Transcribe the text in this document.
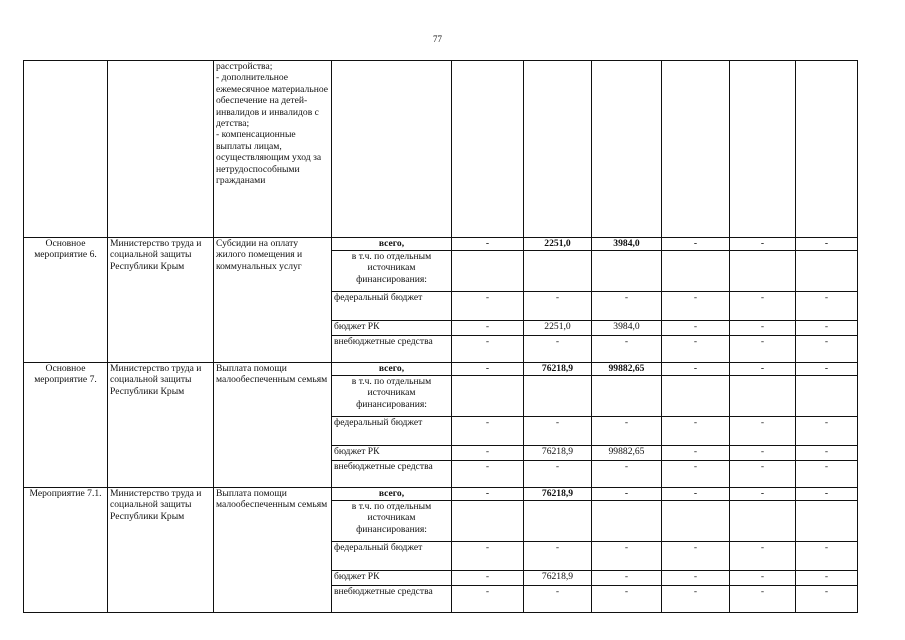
77
		расстройства;
- дополнительное ежемесячное материальное обеспечение на детей-инвалидов и инвалидов с детства;
- компенсационные выплаты лицам, осуществляющим уход за нетрудоспособными гражданами							
Основное мероприятие 6.	Министерство труда и социальной защиты Республики Крым	Субсидии на оплату жилого помещения и коммунальных услуг	всего,	-	2251,0	3984,0	-	-	-
			в т.ч. по отдельным источникам финансирования:						
			федеральный бюджет	-	-	-	-	-	-
			бюджет РК	-	2251,0	3984,0	-	-	-
			внебюджетные средства	-	-	-	-	-	-
Основное мероприятие 7.	Министерство труда и социальной защиты Республики Крым	Выплата помощи малообеспеченным семьям	всего,	-	76218,9	99882,65	-	-	-
			в т.ч. по отдельным источникам финансирования:						
			федеральный бюджет	-	-	-	-	-	-
			бюджет РК	-	76218,9	99882,65	-	-	-
			внебюджетные средства	-	-	-	-	-	-
Мероприятие 7.1.	Министерство труда и социальной защиты Республики Крым	Выплата помощи малообеспеченным семьям	всего,	-	76218,9	-	-	-	-
			в т.ч. по отдельным источникам финансирования:						
			федеральный бюджет	-	-	-	-	-	-
			бюджет РК	-	76218,9	-	-	-	-
			внебюджетные средства	-	-	-	-	-	-
